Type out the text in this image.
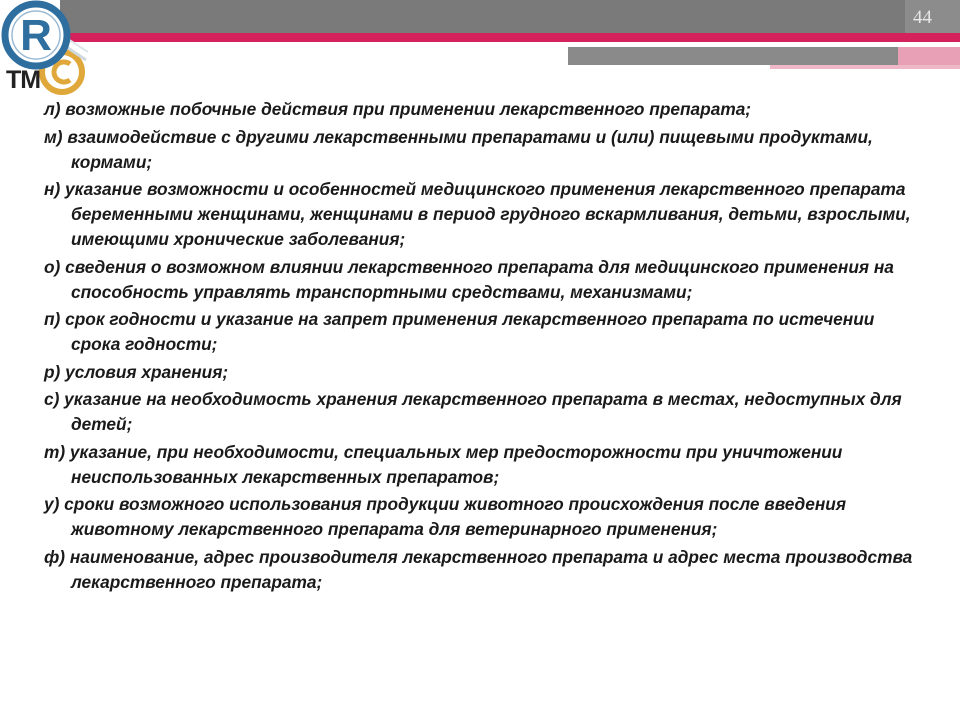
44
R
TM
л) возможные побочные действия при применении лекарственного препарата;
м) взаимодействие с другими лекарственными препаратами и (или) пищевыми продуктами, кормами;
н) указание возможности и особенностей медицинского применения лекарственного препарата беременными женщинами, женщинами в период грудного вскармливания, детьми, взрослыми, имеющими хронические заболевания;
о) сведения о возможном влиянии лекарственного препарата для медицинского применения на способность управлять транспортными средствами, механизмами;
п) срок годности и указание на запрет применения лекарственного препарата по истечении срока годности;
р) условия хранения;
с) указание на необходимость хранения лекарственного препарата в местах, недоступных для детей;
т) указание, при необходимости, специальных мер предосторожности при уничтожении неиспользованных лекарственных препаратов;
у) сроки возможного использования продукции животного происхождения после введения животному лекарственного препарата для ветеринарного применения;
ф) наименование, адрес производителя лекарственного препарата и адрес места производства лекарственного препарата;
